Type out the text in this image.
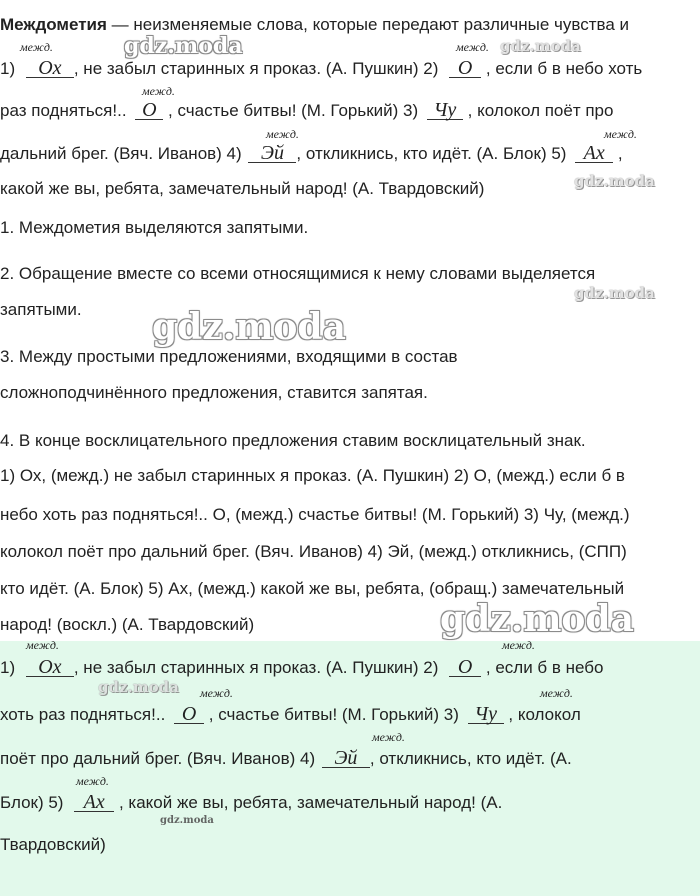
Междометия — неизменяемые слова, которые передают различные чувства и
межд.	межд.
1) Ох , не забыл старинных я проказ. (А. Пушкин) 2) О , если б в небо хоть
межд.
раз подняться!.. О , счастье битвы! (М. Горький) 3) Чу , колокол поёт про
межд.	межд.
дальний брег. (Вяч. Иванов) 4) Эй , откликнись, кто идёт. (А. Блок) 5) Ах ,
какой же вы, ребята, замечательный народ! (А. Твардовский)
1. Междометия выделяются запятыми.
2. Обращение вместе со всеми относящимися к нему словами выделяется
запятыми.
3. Между простыми предложениями, входящими в состав
сложноподчинённого предложения, ставится запятая.
4. В конце восклицательного предложения ставим восклицательный знак.
1) Ох, (межд.) не забыл старинных я проказ. (А. Пушкин) 2) О, (межд.) если б в
небо хоть раз подняться!.. О, (межд.) счастье битвы! (М. Горький) 3) Чу, (межд.)
колокол поёт про дальний брег. (Вяч. Иванов) 4) Эй, (межд.) откликнись, (СПП)
кто идёт. (А. Блок) 5) Ах, (межд.) какой же вы, ребята, (обращ.) замечательный
народ! (воскл.) (А. Твардовский)
межд.	межд.
1) Ох , не забыл старинных я проказ. (А. Пушкин) 2) О , если б в небо
межд.	межд.
хоть раз подняться!.. О , счастье битвы! (М. Горький) 3) Чу , колокол
межд.
поёт про дальний брег. (Вяч. Иванов) 4) Эй , откликнись, кто идёт. (А.
межд.
Блок) 5) Ах , какой же вы, ребята, замечательный народ! (А.
Твардовский)
gdz.moda	gdz.moda
gdz.moda
gdz.moda
gdz.moda
gdz.moda
gdz.moda
gdz.moda
